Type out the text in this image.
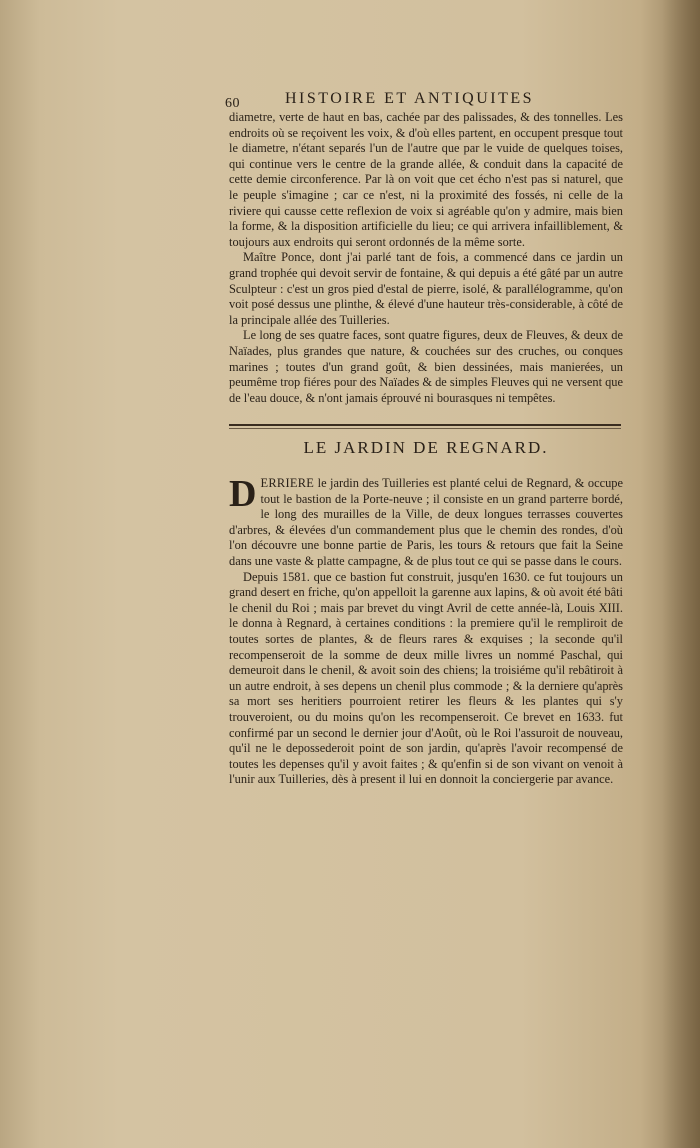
60	HISTOIRE ET ANTIQUITES

diametre, verte de haut en bas, cachée par des palissades, & des tonnelles. Les endroits où se reçoivent les voix, & d'où elles partent, en occupent presque tout le diametre, n'étant separés l'un de l'autre que par le vuide de quelques toises, qui continue vers le centre de la grande allée, & conduit dans la capacité de cette demie circonference. Par là on voit que cet écho n'est pas si naturel, que le peuple s'imagine ; car ce n'est, ni la proximité des fossés, ni celle de la riviere qui causse cette reflexion de voix si agréable qu'on y admire, mais bien la forme, & la disposition artificielle du lieu; ce qui arrivera infailliblement, & toujours aux endroits qui seront ordonnés de la même sorte.

Maître Ponce, dont j'ai parlé tant de fois, a commencé dans ce jardin un grand trophée qui devoit servir de fontaine, & qui depuis a été gâté par un autre Sculpteur : c'est un gros pied d'estal de pierre, isolé, & parallélogramme, qu'on voit posé dessus une plinthe, & élevé d'une hauteur très-considerable, à côté de la principale allée des Tuilleries.

Le long de ses quatre faces, sont quatre figures, deux de Fleuves, & deux de Naïades, plus grandes que nature, & couchées sur des cruches, ou conques marines ; toutes d'un grand goût, & bien dessinées, mais manierées, un peumême trop fiéres pour des Naïades & de simples Fleuves qui ne versent que de l'eau douce, & n'ont jamais éprouvé ni bourasques ni tempêtes.

LE JARDIN DE REGNARD.

DERRIERE le jardin des Tuilleries est planté celui de Regnard, & occupe tout le bastion de la Porte-neuve ; il consiste en un grand parterre bordé, le long des murailles de la Ville, de deux longues terrasses couvertes d'arbres, & élevées d'un commandement plus que le chemin des rondes, d'où l'on découvre une bonne partie de Paris, les tours & retours que fait la Seine dans une vaste & platte campagne, & de plus tout ce qui se passe dans le cours.

Depuis 1581. que ce bastion fut construit, jusqu'en 1630. ce fut toujours un grand desert en friche, qu'on appelloit la garenne aux lapins, & où avoit été bâti le chenil du Roi ; mais par brevet du vingt Avril de cette année-là, Louis XIII. le donna à Regnard, à certaines conditions : la premiere qu'il le rempliroit de toutes sortes de plantes, & de fleurs rares & exquises ; la seconde qu'il recompenseroit de la somme de deux mille livres un nommé Paschal, qui demeuroit dans le chenil, & avoit soin des chiens; la troisiéme qu'il rebâtiroit à un autre endroit, à ses depens un chenil plus commode ; & la derniere qu'après sa mort ses heritiers pourroient retirer les fleurs & les plantes qui s'y trouveroient, ou du moins qu'on les recompenseroit. Ce brevet en 1633. fut confirmé par un second le dernier jour d'Août, où le Roi l'assuroit de nouveau, qu'il ne le depossederoit point de son jardin, qu'après l'avoir recompensé de toutes les depenses qu'il y avoit faites ; & qu'enfin si de son vivant on venoit à l'unir aux Tuilleries, dès à present il lui en donnoit la conciergerie par avance.
